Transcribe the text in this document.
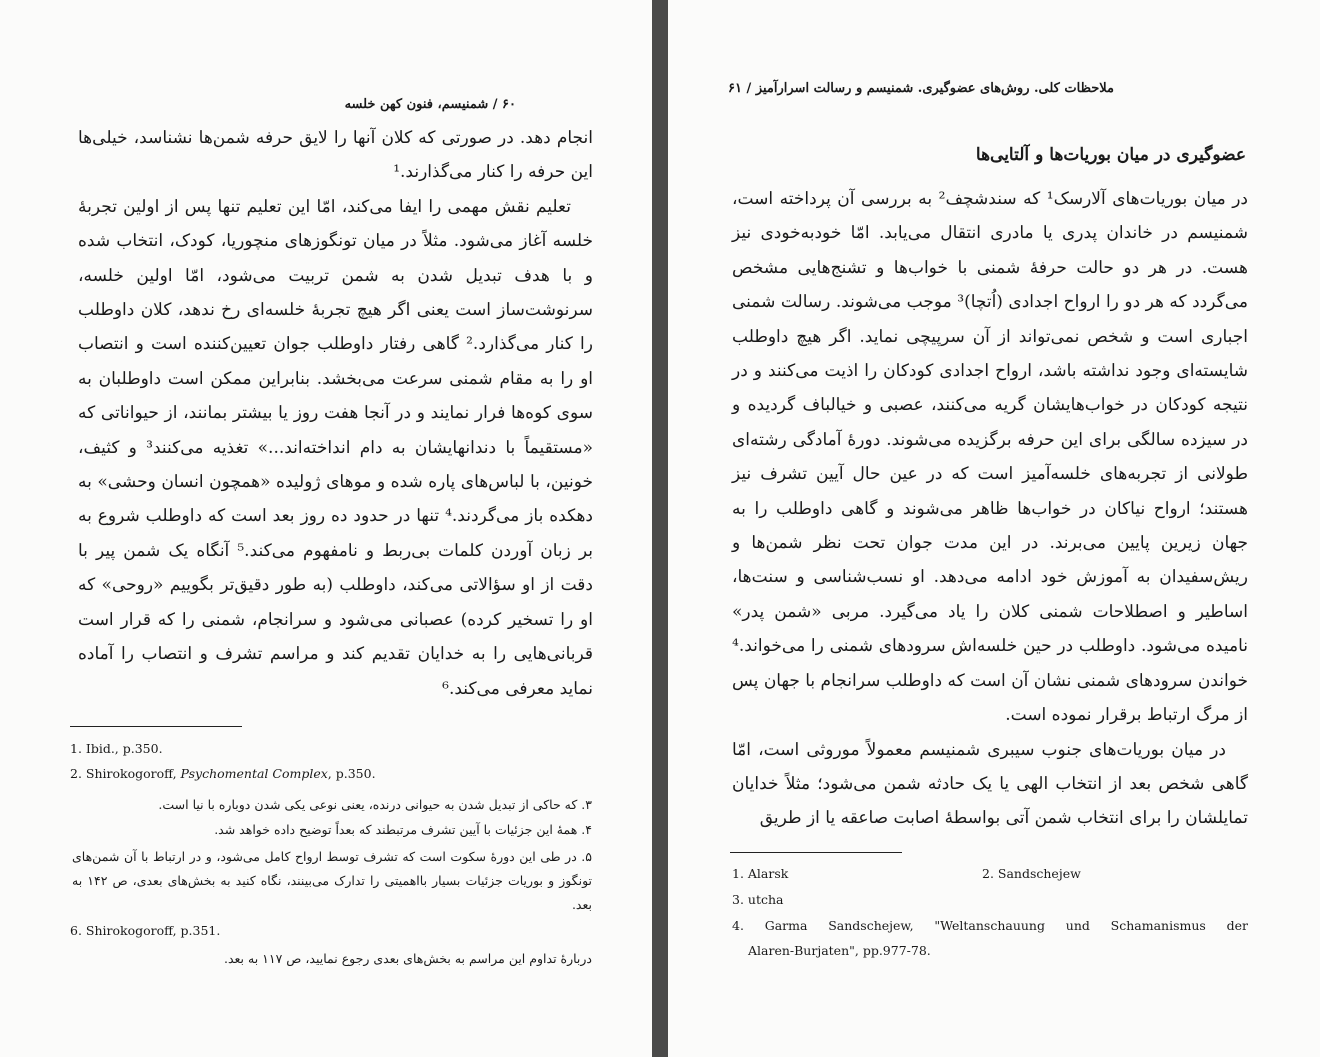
۶۰ / شمنیسم، فنون کهن خلسه

انجام دهد. در صورتی که کلان آنها را لایق حرفه شمن‌ها نشناسد، خیلی‌ها این حرفه را کنار می‌گذارند.¹

تعلیم نقش مهمی را ایفا می‌کند، امّا این تعلیم تنها پس از اولین تجربهٔ خلسه آغاز می‌شود. مثلاً در میان تونگوزهای منچوریا، کودک، انتخاب شده و با هدف تبدیل شدن به شمن تربیت می‌شود، امّا اولین خلسه، سرنوشت‌ساز است یعنی اگر هیچ تجربهٔ خلسه‌ای رخ ندهد، کلان داوطلب را کنار می‌گذارد.² گاهی رفتار داوطلب جوان تعیین‌کننده است و انتصاب او را به مقام شمنی سرعت می‌بخشد. بنابراین ممکن است داوطلبان به سوی کوه‌ها فرار نمایند و در آنجا هفت روز یا بیشتر بمانند، از حیواناتی که «مستقیماً با دندانهایشان به دام انداخته‌اند...» تغذیه می‌کنند³ و کثیف، خونین، با لباس‌های پاره شده و موهای ژولیده «همچون انسان وحشی» به دهکده باز می‌گردند.⁴ تنها در حدود ده روز بعد است که داوطلب شروع به بر زبان آوردن کلمات بی‌ربط و نامفهوم می‌کند.⁵ آنگاه یک شمن پیر با دقت از او سؤالاتی می‌کند، داوطلب (به طور دقیق‌تر بگوییم «روحی» که او را تسخیر کرده) عصبانی می‌شود و سرانجام، شمنی را که قرار است قربانی‌هایی را به خدایان تقدیم کند و مراسم تشرف و انتصاب را آماده نماید معرفی می‌کند.⁶

1. Ibid., p.350.
2. Shirokogoroff, Psychomental Complex, p.350.
۳. که حاکی از تبدیل شدن به حیوانی درنده، یعنی نوعی یکی شدن دوباره با نیا است.
۴. همهٔ این جزئیات با آیین تشرف مرتبطند که بعداً توضیح داده خواهد شد.
۵. در طی این دورهٔ سکوت است که تشرف توسط ارواح کامل می‌شود، و در ارتباط با آن شمن‌های تونگوز و بوریات جزئیات بسیار بااهمیتی را تدارک می‌بینند، نگاه کنید به بخش‌های بعدی، ص ۱۴۲ به بعد.
6. Shirokogoroff, p.351.
دربارهٔ تداوم این مراسم به بخش‌های بعدی رجوع نمایید، ص ۱۱۷ به بعد.
ملاحظات کلی. روش‌های عضوگیری. شمنیسم و رسالت اسرارآمیز / ۶۱
عضوگیری در میان بوریات‌ها و آلتایی‌ها

در میان بوریات‌های آلارسک¹ که سندشچف² به بررسی آن پرداخته است، شمنیسم در خاندان پدری یا مادری انتقال می‌یابد. امّا خودبه‌خودی نیز هست. در هر دو حالت حرفهٔ شمنی با خواب‌ها و تشنج‌هایی مشخص می‌گردد که هر دو را ارواح اجدادی (اُتچا)³ موجب می‌شوند. رسالت شمنی اجباری است و شخص نمی‌تواند از آن سرپیچی نماید. اگر هیچ داوطلب شایسته‌ای وجود نداشته باشد، ارواح اجدادی کودکان را اذیت می‌کنند و در نتیجه کودکان در خواب‌هایشان گریه می‌کنند، عصبی و خیالباف گردیده و در سیزده سالگی برای این حرفه برگزیده می‌شوند. دورهٔ آمادگی رشته‌ای طولانی از تجربه‌های خلسه‌آمیز است که در عین حال آیین تشرف نیز هستند؛ ارواح نیاکان در خواب‌ها ظاهر می‌شوند و گاهی داوطلب را به جهان زیرین پایین می‌برند. در این مدت جوان تحت نظر شمن‌ها و ریش‌سفیدان به آموزش خود ادامه می‌دهد. او نسب‌شناسی و سنت‌ها، اساطیر و اصطلاحات شمنی کلان را یاد می‌گیرد. مربی «شمن پدر» نامیده می‌شود. داوطلب در حین خلسه‌اش سرودهای شمنی را می‌خواند.⁴ خواندن سرودهای شمنی نشان آن است که داوطلب سرانجام با جهان پس از مرگ ارتباط برقرار نموده است.

در میان بوریات‌های جنوب سیبری شمنیسم معمولاً موروثی است، امّا گاهی شخص بعد از انتخاب الهی یا یک حادثه شمن می‌شود؛ مثلاً خدایان تمایلشان را برای انتخاب شمن آتی بواسطهٔ اصابت صاعقه یا از طریق

1. Alarsk	2. Sandschejew
3. utcha
4. Garma Sandschejew, "Weltanschauung und Schamanismus der
Alaren-Burjaten", pp.977-78.
